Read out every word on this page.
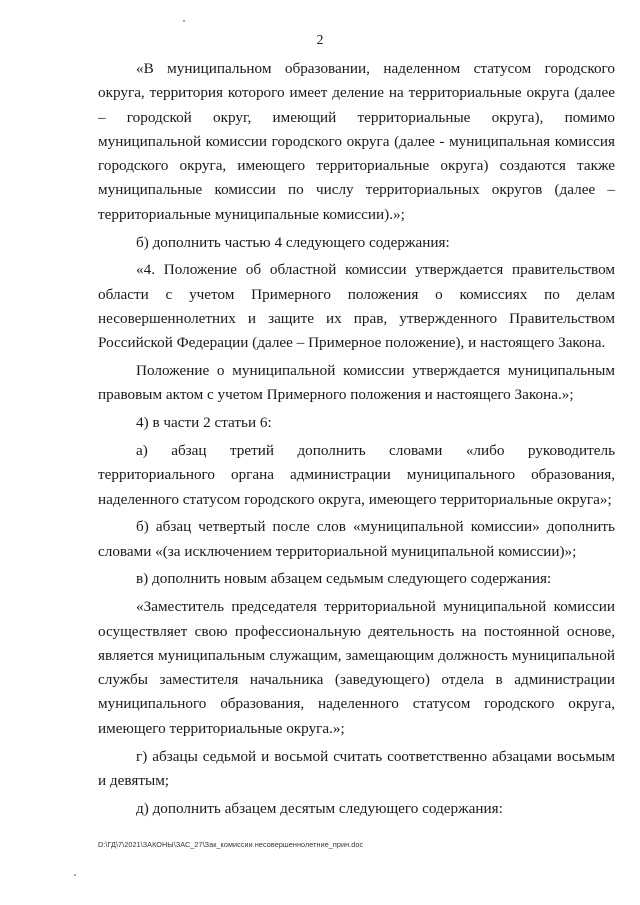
2

«В муниципальном образовании, наделенном статусом городского округа, территория которого имеет деление на территориальные округа (далее – городской округ, имеющий территориальные округа), помимо муниципальной комиссии городского округа (далее - муниципальная комиссия городского округа, имеющего территориальные округа) создаются также муниципальные комиссии по числу территориальных округов (далее – территориальные муниципальные комиссии).»;

б) дополнить частью 4 следующего содержания:

«4. Положение об областной комиссии утверждается правительством области с учетом Примерного положения о комиссиях по делам несовершеннолетних и защите их прав, утвержденного Правительством Российской Федерации (далее – Примерное положение), и настоящего Закона.

Положение о муниципальной комиссии утверждается муниципальным правовым актом с учетом Примерного положения и настоящего Закона.»;

4) в части 2 статьи 6:

а) абзац третий дополнить словами «либо руководитель территориального органа администрации муниципального образования, наделенного статусом городского округа, имеющего территориальные округа»;

б) абзац четвертый после слов «муниципальной комиссии» дополнить словами «(за исключением территориальной муниципальной комиссии)»;

в) дополнить новым абзацем седьмым следующего содержания:

«Заместитель председателя территориальной муниципальной комиссии осуществляет свою профессиональную деятельность на постоянной основе, является муниципальным служащим, замещающим должность муниципальной службы заместителя начальника (заведующего) отдела в администрации муниципального образования, наделенного статусом городского округа, имеющего территориальные округа.»;

г) абзацы седьмой и восьмой считать соответственно абзацами восьмым и девятым;

д) дополнить абзацем десятым следующего содержания:

D:\ГД\7\2021\ЗАКОНЫ\ЗАС_27\Зак_комиссии несовершеннолетние_прин.doc
